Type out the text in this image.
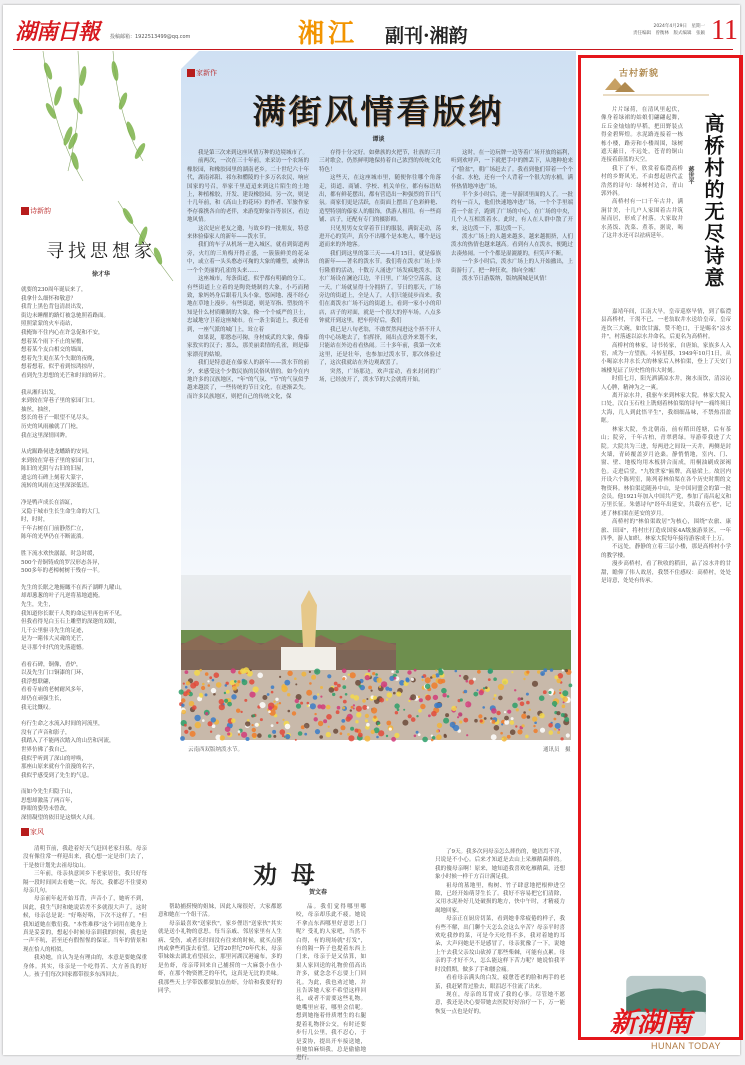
湖南日報 投稿邮箱：1922513499@qq.com	湘江 副刊·湘韵	2024年4月29日　星期一
责任编辑　曾衡林　版式编辑　张颖 11
诗新韵
寻找思想家
徐才华
就要的230周年诞辰来了，
我拿什么细怀和敬意？
我背上黑色背包清晨出发，
街边未睡醒的路灯被急驰照着路面。
照照蒙蒙的火车南站，
我掩饰不住内心在许急促和不安，
想着某个雨下不止的屋檐，
想着某个友白相交的墙面，
想着先生更在某个失眠的夜晚，
想着想着，似乎看到惊鸿掠岸，
看到先生思想的光芒和时间的碎片。
我从湘归出发，
来到较在穿巷子里的家园门口。
抽丝，抽丝，
悠长的巷子一眼望不见尽头，
历史的风雨融就了门枪，
我在这里深情回眸。
从虎踞路伺进龙蟠路的安同，
来到较在穿巷子里的家园门口，
陈旧的光阴与古旧的旧屋，
遗忘的石碑上刻着大篆字，
流转的风雨在这里深深低语。
净是鸭声成长在浴缸，
又隐于城市生长生命生命的大门，
时，时时，
千年古树在门前静然伫立，
陈年的光华仍在不断流淌。
胜下流水欢快潺潺，时急时缓，
500个青铜铸成的罗汉形态各异，
500多年的老樟树树干残存一半。
先生的长眠之地俯瞰不在西子湖畔九曜山，
却却葱葱的叶子凡逆将墓地遮掩。
先生，先生，
我知道你长眠千人类的命运里再也听不见，
但我看得见白玉石上雕塑的深邃的双眼，
几千公里驱寻先生的足迹，
是为一睹伟大灵魂的光芒，
是寻那个时代的先落遗憾。
看看石碑，铜像，香炉，
以及先生门口铜漆的门环，
我浮想联翩，
看看寺庙的老树耐风多年，
却仍在顽强生长，
我无比慨叹。
有行生命之水流入时间的河流里，
没有了声音和影子，
我踏入了不能两次踏入的山岳和河流，
世界仿佛了我自己，
我似乎听到了深山的呼唤，
那座山原来就有个浪漫的名字，
我似乎感受到了先生的气息。
而如今先生归隐于山，
思想却激荡了两百年，
睁眼的姿势未曾改，
深情凝望的依旧是这烟火人间。
家新作
满街风情看版纳
谭谈

我是第三次来到这座风情万种的边境城市了。

前两次，一次在三十年前，来采访一个农场的橡胶园，和橡胶园里的湖南老乡。二十世纪六十年代，湖南祁阳、祁东和醴陵的十多万名农民，响应国家的号召，举家千里迢迢来到这片陌生的土地上，种植橡胶，开发、建设橡胶园。另一次，则是十几年前，和《高山上的花环》的作者、军旅作家李存葆携各自的老伴，来游览野象谷等景区，看边地风情。

这次是应老友之邀，与故乡的一批朋友，特意来体验傣家人的新年——泼水节。

我们的车子从机场一进入城区，就看到街道两旁，火红的三角梅开得正盛，一簇簇鲜美的花朵中，或立着一头头憨态可掬的大象的雕塑，或伸出一个个美丽的孔雀的头来……

这座城市，每条街道，似乎都有明确的分工。有些街道上立着的是陶瓷烧制的大象，小巧而精致，象妈妈身后跟着几头小象，悠闲地、漫不经心地在草地上漫步。有些街道，则是军指、塑胶的不知是什么材质雕制的大象，像一个个威严的卫士，忠诚地守卫着这座城市。在一条主街道上，我还看到，一座气派的城门上，耸立着

如果说，那憨态可掬，身材威武的大象，像傣家敦实的汉子；那么，那美丽柔情的孔雀，则是傣家漂亮的姑娘。

我们是特意赶在傣家人的新年——泼水节的前夕，来感受这个少数民族的民俗风情的。如今在内地许多的汉族地区，"年"的气氛、"节"的气氛似乎越来越淡了，一些传统的节日文化，在逐渐丢失。而许多民族地区，则把自己的传统文化，保

存得十分完好。如彝族的火把节，壮族的三月三对歌会，仍然鲜明地保持着自己浓烈的传统文化特色！

这些天，在这座城市里，随便你往哪个角落走，街道、商铺、学校、机关单位，都有标语贴出，都有鲜花摆出，都有营造出一种强烈的节日气氛。商家们更是活跃，在街面上摆出了色彩鲜艳、造型特别的傣家人的服饰，供游人租用。有一些商铺、店子，还配有专门的摄影师。

只见男男女女穿着节日的服装，满街走动，荡进开心的笑声，真分不出哪个是本地人，哪个是远道而来的外地客。

我们到这里的第三天——4月15日，就是傣族的新年——著名的泼水节。我们将在泼水广场上举行隆重的活动，十数万人涌进广场发疯地泼水。泼水广场设在澜沧江边，平日里，广场空空荡荡，这一天，广场就显得十分拥挤了。节日的那天，广场旁边的街道上，全是人了，人们只能徒步而来。我们在离泼水广场不远的街道上，看到一家小小的印店，店子的对面，就是一个很大的停车场。八点多钟就开到这里，把车停好后，我们

我已是八旬老翁，不敢贸然闯进这个挤不开人的中心场地去了，怕挥挤，闹出点意外来划不来，只能站在外边看看热闹。三十多年前，我第一次来这里，还是壮年，也参加过泼水节，那次体验过了，这次我就站在外边观战罢了。

突然，广场那边，欢声雷动，看来封闭的广场，已经放开了，泼水节的大会就将开始。

这时，在一边玩牌一边等着广场开放的福利，听到欢呼声，一下就把手中的牌丢下，从地种抢来了"脸盆"，朝广场赶去了。我看到他们带着一个个小盆、水枪，还有一个人背着一个很大的水桶，满怀热情地冲进广场。

半个多小时后，进一导游团里面的人了。一批约有一百人，他们快速地冲进广场，一个个手里端着一个盆子，跑到了广场的中心，在广场的中央，几个人互相泼着水。此时，有人在人群中散了开来，这边泼一下，那边泼一下。

泼水广场上的人越来越多，越来越拥挤，人们泼水的热情也越来越高。看到有人在泼水，便跑过去凑热闹。一个个都是湿漉漉的，但笑声不断。

一个多小时后，泼水广场上的人开始撤出，上街游行了，把一种狂欢，推向全城！

泼水节日游版纳，版纳满城是风情！

云南西双版纳泼水节。	通讯员　摄
家风
劝母
贺文春

清明节前，我趁着好天气赶回老家扫墓。母亲没有像往常一样迎出来，我心想一定是串门去了，于是按计划先去祖母坟山。

三年前，母亲执意回乡下老家居住，我只好每隔一段时间回去看她一次。每次，我都忍不住要劝母亲几句。

母亲前年起开始耳背，声音小了，她听不到，因此，我生气时和她说话差不多就很大声了。这时候，母亲总是说："好咯好咯，下次不这样了。"但我知道她在敷衍我。"本性难移"这个词用在她身上真是妥妥的，想起小时候母亲训我的时候，我也是一声不吭，甚至还有假惺惺的保证。当年的情景和现在恰人的相似。

我劝她，自认为是有理由的，本意是要她保重身体。其实，母亲是一个吃得苦、大方善良的好人。孩子们每次回家都带很多东西回去。

帮助捕捞慢的姐妹，因此人缘很好，大家都愿意和她在一个组干活。

母亲最喜欢"送家伙"，家乡俚语"送家伙"其实就是送小礼物的意思。每当亲戚、邻居家里有人生病、受伤，或者长时间没有往来的时候，就买点猪肉或拿些鸡蛋去看望。记得20世纪70年代末，母亲带妹妹去湖北看望叔公，那里河湖汉港遍布，多的是鱼虾，母亲带回来自己捕捞的一大麻袋小鱼小虾，在那个物资匮乏的年代，这真是无比的美味。我那些天上学带饭都要加点鱼虾，分给和我要好的同学。

品。我们觉得哪里哪咬，母亲却乐此不疲。她说不拿点东西哪里好意思上门呢？受礼的人家吧，当然不白得，有的现场就"打发"，有的隔一阵子也提着东西上门来，母亲于是又估算，如果人家回送的礼物价值高出许多，就念念不忘要上门回礼。为此，我也劝过她，并且告诉她人家不希望这样回礼，或者不需要这些礼物。她嘴里应着，哪里会信呢。想到她拖着骨质增生的右腿提着礼物挤公交，有时还要步行几公里，我不忍心，于是妥协，提出开车接送她，但她怕麻烦我，总是偷偷地进行。

了9天。我多次问母亲怎么摔伤的，她语焉不详，只说是不小心。后来才知道是去山上采雁鹅菌摔的。我的傻母亲啊！原来，她知道我喜欢吃雁鹅菌，还想象小时候一样千方百计满足我。

祖母的墓地里，构树、竹子肆意地把根伸进空隙，已经开始萌芽生长了。我好不容易把它们清除，又用水泥补好几处破损的地方，快中午时，才精疲力竭地回家。

母亲正在厨房切菜，看到她非常疲倦的样子，我有些不解，出门聊个天怎么会这么辛苦？母亲平时喜欢吃我炒的菜，可是今天吃得不多，我对着她的耳朵，大声问她是不是感冒了，母亲犹豫了一下，说她上午去我父亲坟山砍掉了那些柴棘，可能有点累。母亲的手才好不久，怎么能这样下苦力呢？她说怕我平时没假期，做多了手和腰会痛。

看看母亲满头的白发，疲惫苍老的脸和两手的老茧，我赶紧背过脸去，眼泪忍不住流了出来。

现在，母亲的耳背成了我的心事。尽管她不愿意，我还是决心要带她去医院好好治疗一下，万一能恢复一点也是好的。

古村新貌
高桥村的无尽诗意
蒋世平

片片绿荷，在清风里起伏，像身着绿裙的姑娘们翩翩起舞，丘丘金灿灿的早稻，把田野装点得金碧辉煌。水泥路连接着一栋栋小楼，路旁和小楼周围，绿树遮天蔽日，不远处，苍青的铜山连接着蔚蓝的天空。

我下了车，欣赏着临澧高桥村的乡野风光，不由想起唐代孟浩然的诗句：绿树村边合，青山郭外斜。

高桥村有一口千年古井，满涧甘美，十几户人家围着古井筑屋而居，形成了村落。大家取井水蒸饭、洗菜、煮茶，据说，喝了这井水还可以祛病延年。

嘉靖年间，江南大旱，皇帝巡察旱情，到了临澧县高桥村，干渴不已，一老翁取井水送给皇帝，皇帝连饮三大碗，如饮甘露，赞不绝口，于是赐名"凉水井"，村落遂以凉水井命名，后更名为高桥村。

高桥村的林家，诗书传家，自唐始，家族多人入宦，成为一方望族。斗转星移，1949年10月1日，从小喝凉水井水长大的林家后人林伯渠，登上了天安门城楼见证了历史性的伟大时刻。

时值七月，阳光洒满凉水井，掬水而饮，清凉沁人心脾，精神为之一爽。

离开凉水井，我驱车来到林家大院。林家大院入口处，汉白玉石柱上镌刻着林伯渠的诗句"一痛终须日大海，几人到此悟平生"，我细细品味，不禁热泪盈眶。

林家大院，坐北朝南，前有稻田莲塘，后有茶山；院旁，千年古柏，青翠碧绿。导游带我进了大院。大院共为三进，每两进之间设一天井，两侧是封火墙，青砖覆盖岁月沧桑。静悄悄地，室内、门、窗、壁、地板均用木板拼合而成，用桐油刷成深褐色。走进后堂，"九牧世家"匾牌，高悬梁上。故居内开设六个陈列室，陈列着林伯渠在各个历史时期的文物资料。林伯渠追随孙中山，是中国同盟会的第一批会员。他1921年加入中国共产党，参加了南昌起义和万里长征。朱德诗句"经年出延安，共载有五老"，记述了林伯渠在延安的岁月。

高桥村的"林伯渠故居"为核心，围绕"农旅、康旅、田园"，将村庄打造成国家4A级旅游景区，一年四季，游人如织。林家大院每年接待游客成千上万。

不远处，静静的立着三层小楼，那是高桥村小学的教学楼。

漫步高桥村，看了秋收的稻田，品了凉水井的甘甜，瞻仰了伟人故居，我禁不住感叹：高桥村，处处是诗意，处处有传承。

新湖南
HUNAN TODAY
